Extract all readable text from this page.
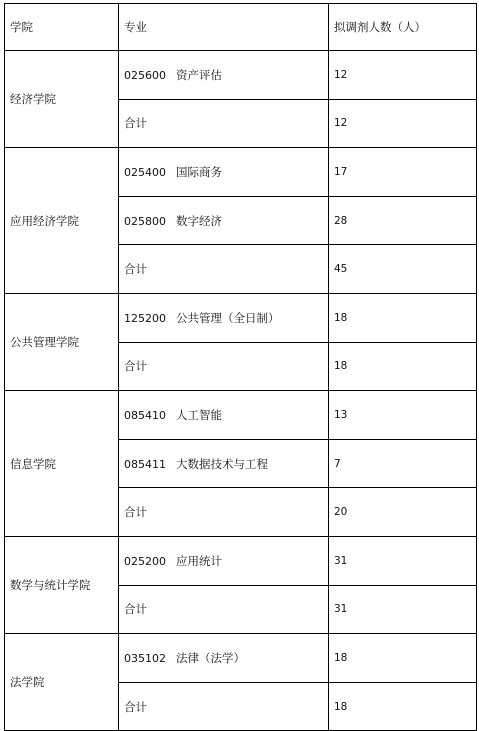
学院	专业	拟调剂人数（人）
经济学院	025600 资产评估	12
	合计	12
应用经济学院	025400 国际商务	17
	025800 数字经济	28
	合计	45
公共管理学院	125200 公共管理（全日制）	18
	合计	18
信息学院	085410 人工智能	13
	085411 大数据技术与工程	7
	合计	20
数学与统计学院	025200 应用统计	31
	合计	31
法学院	035102 法律（法学）	18
	合计	18
